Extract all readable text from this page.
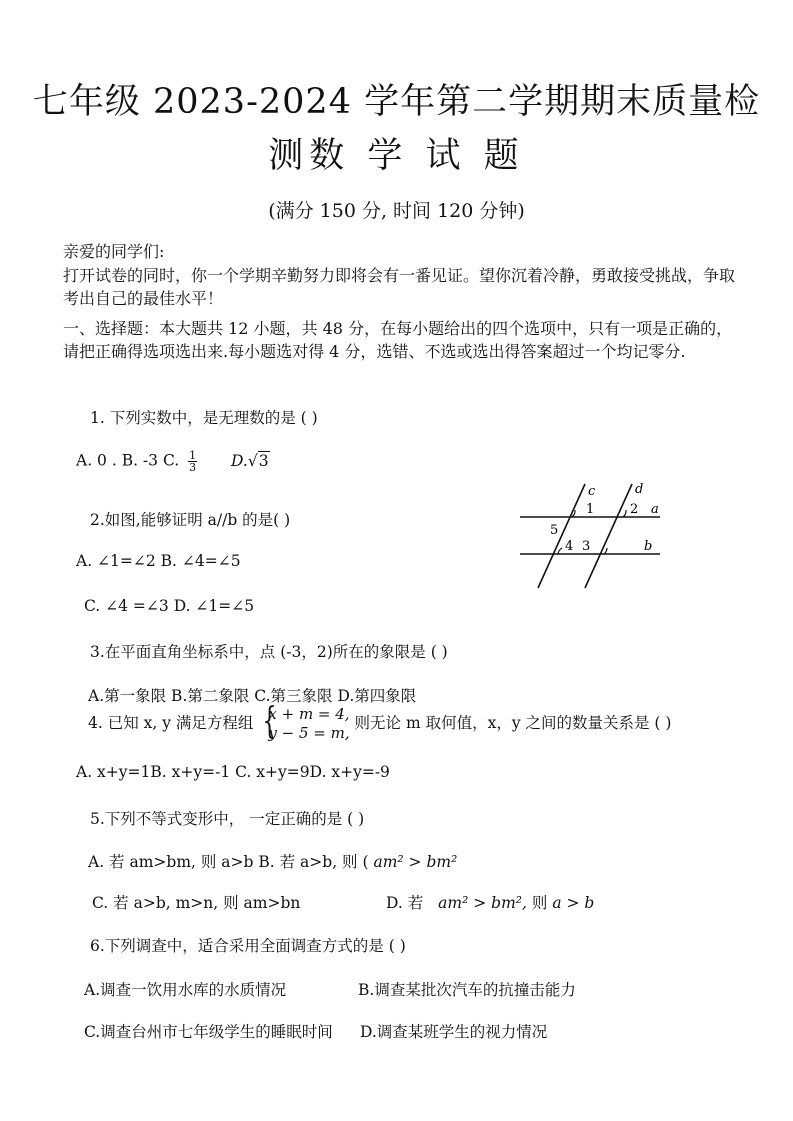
七年级 2023-2024 学年第二学期期末质量检
测数 学 试 题
(满分 150 分, 时间 120 分钟)
亲爱的同学们:
打开试卷的同时，你一个学期辛勤努力即将会有一番见证。望你沉着冷静，勇敢接受挑战，争取考出自己的最佳水平！
一、选择题：本大题共 12 小题，共 48 分，在每小题给出的四个选项中，只有一项是正确的，请把正确得选项选出来.每小题选对得 4 分，选错、不选或选出得答案超过一个均记零分.
1. 下列实数中，是无理数的是 ( )
A. 0 . B. -3 C. $\frac{1}{3} D.√3$
2.如图,能够证明 a//b 的是( )
A. ∠1=∠2 B. ∠4=∠5
C. ∠4 =∠3 D. ∠1=∠5
c	d
a
b
1	2
5
4 3
3.在平面直角坐标系中，点 (-3，2)所在的象限是 ( )
A.第一象限 B.第二象限 C.第三象限 D.第四象限
4. 已知 x, y 满足方程组 {
x + m = 4,
y − 5 = m,
则无论 m 取何值，x，y 之间的数量关系是 ( )
A. x+y=1B. x+y=-1 C. x+y=9D. x+y=-9
5.下列不等式变形中， 一定正确的是 ( )
A. 若 am>bm, 则 a>b B. 若 a>b, 则 ( am² > bm²
C. 若 a>b, m>n, 则 am>bn	D. 若 am² > bm², 则 a > b
6.下列调查中，适合采用全面调查方式的是 ( )
A.调查一饮用水库的水质情况	B.调查某批次汽车的抗撞击能力
C.调查台州市七年级学生的睡眠时间 D.调查某班学生的视力情况
